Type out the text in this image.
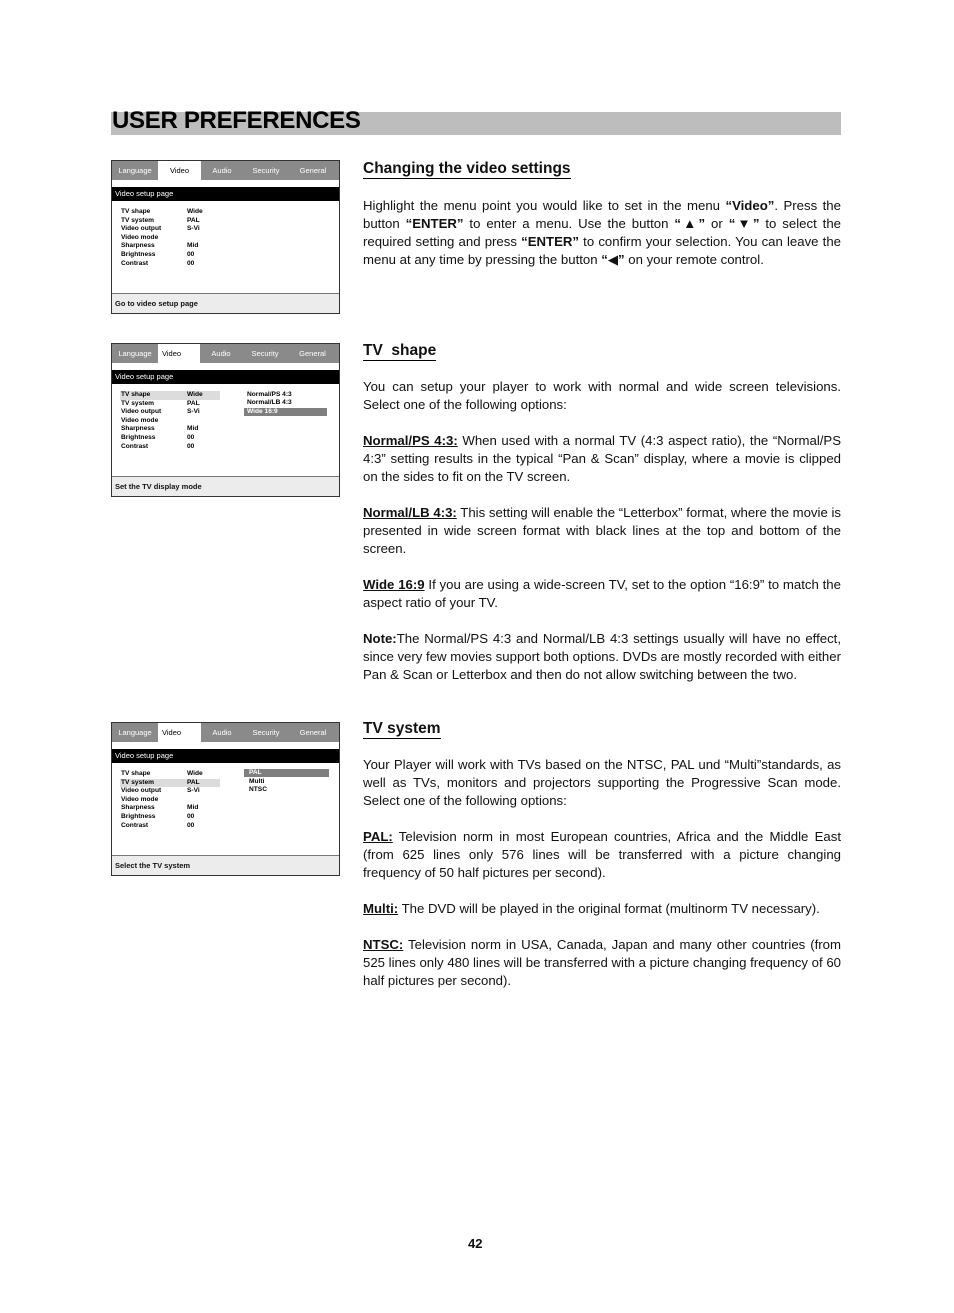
USER PREFERENCES
Language	Video	Audio	Security	General
Video setup page
TV shape	Wide
TV system	PAL
Video output	S-Vi
Video mode
Sharpness	Mid
Brightness	00
Contrast	00
Go to video setup page
Language	Video	Audio	Security	General
Video setup page
TV shape	Wide
TV system	PAL
Video output	S-Vi
Video mode
Sharpness	Mid
Brightness	00
Contrast	00
Normal/PS 4:3
Normal/LB 4:3
Wide 16:9
Set the TV display mode
Language	Video	Audio	Security	General
Video setup page
TV shape	Wide
TV system	PAL
Video output	S-Vi
Video mode
Sharpness	Mid
Brightness	00
Contrast	00
PAL
Multi
NTSC
Select the TV system
Changing the video settings
Highlight the menu point you would like to set in the menu “Video”. Press the button “ENTER” to enter a menu. Use the button “▲” or “▼” to select the required setting and press “ENTER” to confirm your selection. You can leave the menu at any time by pressing the button “◀” on your remote control.
TV  shape
You can setup your player to work with normal and wide screen televisions. Select one of the following options:
Normal/PS 4:3: When used with a normal TV (4:3 aspect ratio), the “Normal/PS 4:3” setting results in the typical “Pan & Scan” display, where a movie is clipped on the sides to fit on the TV screen.
Normal/LB 4:3: This setting will enable the “Letterbox” format, where the movie is presented in wide screen format with black lines at the top and bottom of the screen.
Wide 16:9 If you are using a wide-screen TV, set to the option “16:9” to match the aspect ratio of your TV.
Note:The Normal/PS 4:3 and Normal/LB 4:3 settings usually will have no effect, since very few movies support both options. DVDs are mostly recorded with either Pan & Scan or Letterbox and then do not allow switching between the two.
TV system
Your Player will work with TVs based on the NTSC, PAL und “Multi”standards, as well as TVs, monitors and projectors supporting the Progressive Scan mode. Select one of the following options:
PAL: Television norm in most European countries, Africa and the Middle East (from 625 lines only 576 lines will be transferred with a picture changing frequency of 50 half pictures per second).
Multi: The DVD will be played in the original format (multinorm TV necessary).
NTSC: Television norm in USA, Canada, Japan and many other countries (from 525 lines only 480 lines will be transferred with a picture changing frequency of 60 half pictures per second).
42
